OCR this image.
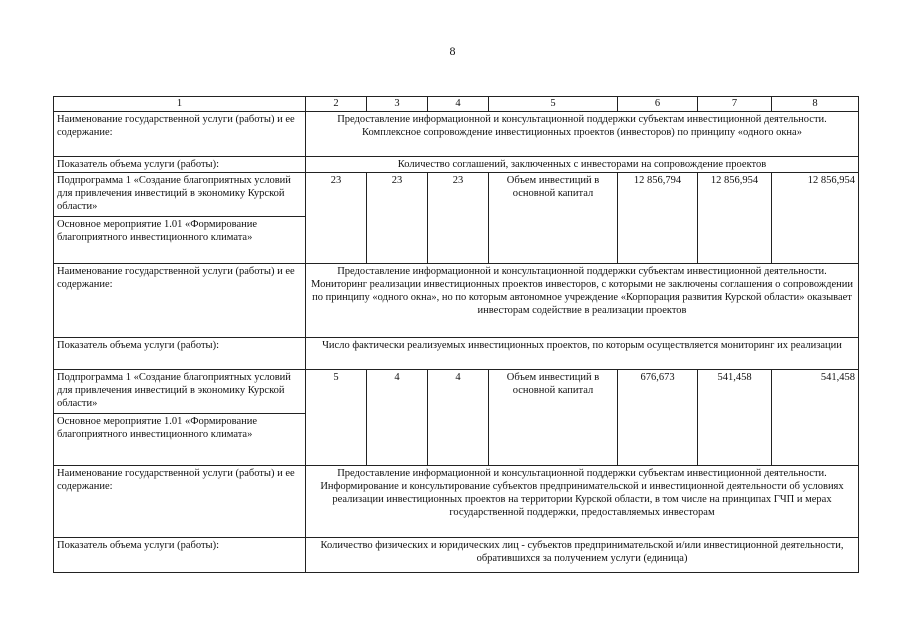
8
1	2	3	4	5	6	7	8
Наименование государственной услуги (работы) и ее содержание:	Предоставление информационной и консультационной поддержки субъектам инвестиционной деятельности.
Комплексное сопровождение инвестиционных проектов (инвесторов) по принципу «одного окна»						

Показатель объема услуги (работы):	Количество соглашений, заключенных с инвесторами на сопровождение проектов						
Подпрограмма 1 «Создание благоприятных условий для привлечения инвестиций в экономику Курской области»	23	23	23	Объем инвестиций в основной капитал	12 856,794	12 856,954	12 856,954
Основное мероприятие 1.01 «Формирование благоприятного инвестиционного климата»							
Наименование государственной услуги (работы) и ее содержание:	Предоставление информационной и консультационной поддержки субъектам инвестиционной деятельности.
Мониторинг реализации инвестиционных проектов инвесторов, с которыми не заключены соглашения о сопровождении по принципу «одного окна», но по которым автономное учреждение «Корпорация развития Курской области» оказывает инвесторам содействие в реализации проектов						

Показатель объема услуги (работы):	Число фактически реализуемых инвестиционных проектов, по которым осуществляется мониторинг их реализации						
Подпрограмма 1 «Создание благоприятных условий для привлечения инвестиций в экономику Курской области»	5	4	4	Объем инвестиций в основной капитал	676,673	541,458	541,458
Основное мероприятие 1.01 «Формирование благоприятного инвестиционного климата»							
Наименование государственной услуги (работы) и ее содержание:	Предоставление информационной и консультационной поддержки субъектам инвестиционной деятельности.
Информирование и консультирование субъектов предпринимательской и инвестиционной деятельности об условиях реализации инвестиционных проектов на территории Курской области, в том числе на принципах ГЧП и мерах государственной поддержки, предоставляемых инвесторам						

Показатель объема услуги (работы):	Количество физических и юридических лиц - субъектов предпринимательской и/или инвестиционной деятельности, обратившихся за получением услуги (единица)						
